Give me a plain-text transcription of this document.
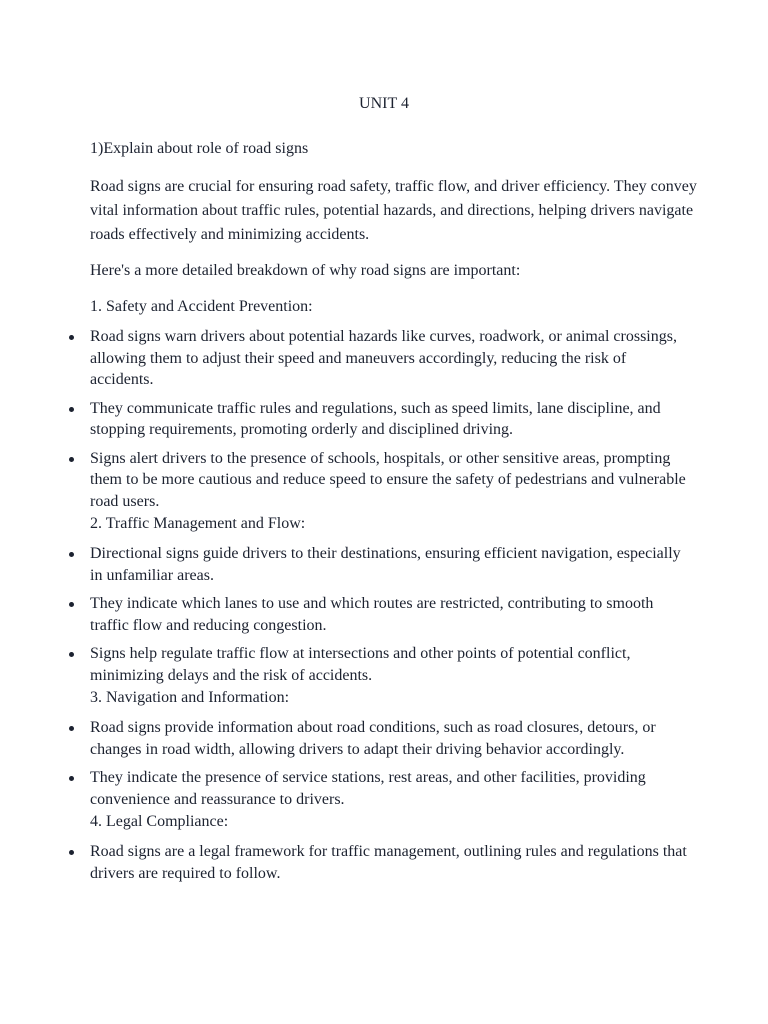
UNIT 4

1)Explain about role of road signs

Road signs are crucial for ensuring road safety, traffic flow, and driver efficiency. They convey vital information about traffic rules, potential hazards, and directions, helping drivers navigate roads effectively and minimizing accidents.

Here's a more detailed breakdown of why road signs are important:

1. Safety and Accident Prevention:

Road signs warn drivers about potential hazards like curves, roadwork, or animal crossings, allowing them to adjust their speed and maneuvers accordingly, reducing the risk of accidents.
They communicate traffic rules and regulations, such as speed limits, lane discipline, and stopping requirements, promoting orderly and disciplined driving.
Signs alert drivers to the presence of schools, hospitals, or other sensitive areas, prompting them to be more cautious and reduce speed to ensure the safety of pedestrians and vulnerable road users.

2. Traffic Management and Flow:

Directional signs guide drivers to their destinations, ensuring efficient navigation, especially in unfamiliar areas.
They indicate which lanes to use and which routes are restricted, contributing to smooth traffic flow and reducing congestion.
Signs help regulate traffic flow at intersections and other points of potential conflict, minimizing delays and the risk of accidents.

3. Navigation and Information:

Road signs provide information about road conditions, such as road closures, detours, or changes in road width, allowing drivers to adapt their driving behavior accordingly.
They indicate the presence of service stations, rest areas, and other facilities, providing convenience and reassurance to drivers.

4. Legal Compliance:

Road signs are a legal framework for traffic management, outlining rules and regulations that drivers are required to follow.
